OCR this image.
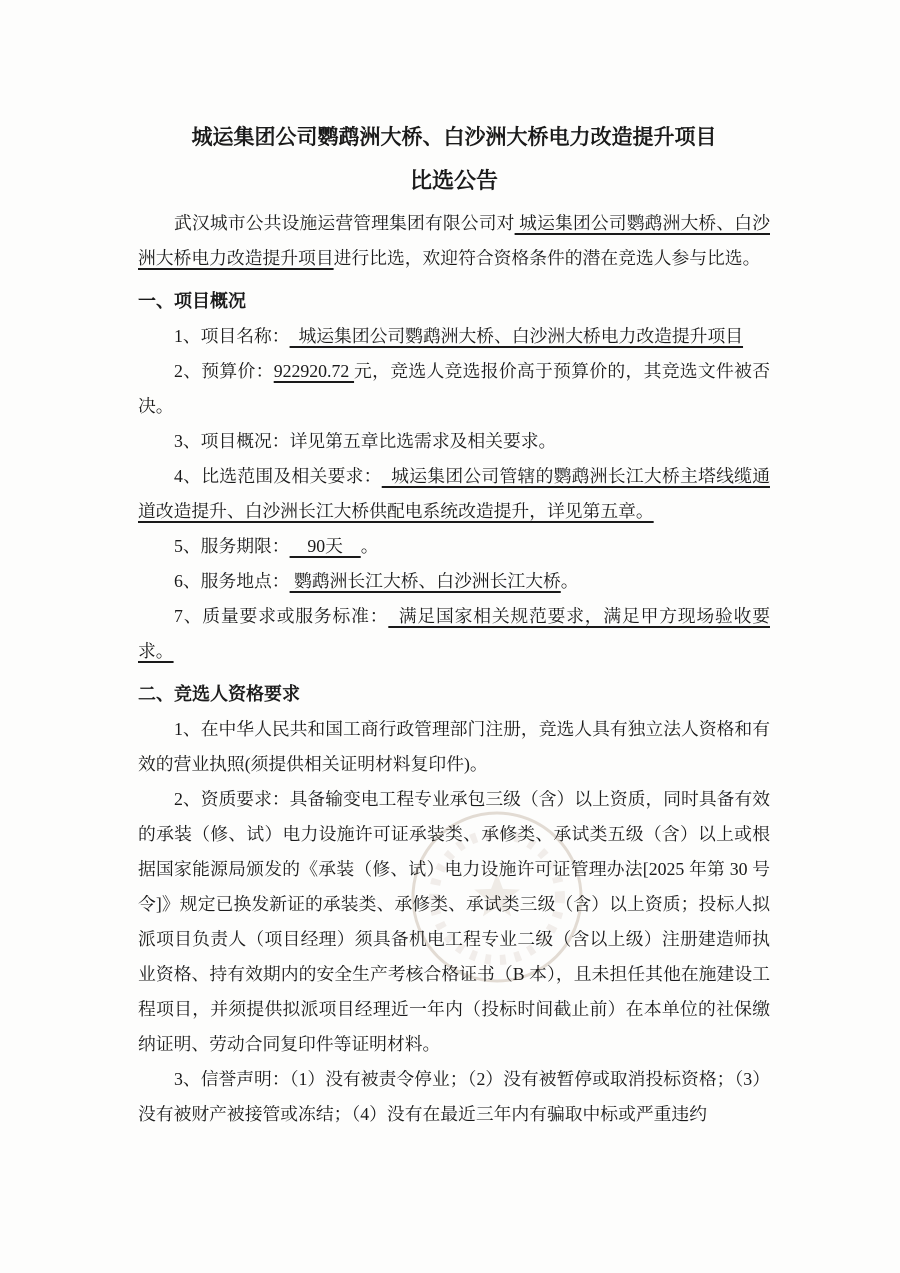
城运集团公司鹦鹉洲大桥、白沙洲大桥电力改造提升项目
比选公告

武汉城市公共设施运营管理集团有限公司对 城运集团公司鹦鹉洲大桥、白沙洲大桥电力改造提升项目进行比选，欢迎符合资格条件的潜在竞选人参与比选。

一、项目概况

1、项目名称：  城运集团公司鹦鹉洲大桥、白沙洲大桥电力改造提升项目

2、预算价：922920.72 元，竞选人竞选报价高于预算价的，其竞选文件被否决。

3、项目概况：详见第五章比选需求及相关要求。

4、比选范围及相关要求：  城运集团公司管辖的鹦鹉洲长江大桥主塔线缆通道改造提升、白沙洲长江大桥供配电系统改造提升，详见第五章。

5、服务期限：    90天    。

6、服务地点： 鹦鹉洲长江大桥、白沙洲长江大桥。

7、质量要求或服务标准：  满足国家相关规范要求，满足甲方现场验收要求。

二、竞选人资格要求

1、在中华人民共和国工商行政管理部门注册，竞选人具有独立法人资格和有效的营业执照(须提供相关证明材料复印件)。

2、资质要求：具备输变电工程专业承包三级（含）以上资质，同时具备有效的承装（修、试）电力设施许可证承装类、承修类、承试类五级（含）以上或根据国家能源局颁发的《承装（修、试）电力设施许可证管理办法[2025 年第 30 号令]》规定已换发新证的承装类、承修类、承试类三级（含）以上资质；投标人拟派项目负责人（项目经理）须具备机电工程专业二级（含以上级）注册建造师执业资格、持有效期内的安全生产考核合格证书（B 本），且未担任其他在施建设工程项目，并须提供拟派项目经理近一年内（投标时间截止前）在本单位的社保缴纳证明、劳动合同复印件等证明材料。

3、信誉声明：（1）没有被责令停业；（2）没有被暂停或取消投标资格；（3）没有被财产被接管或冻结；（4）没有在最近三年内有骗取中标或严重违约
